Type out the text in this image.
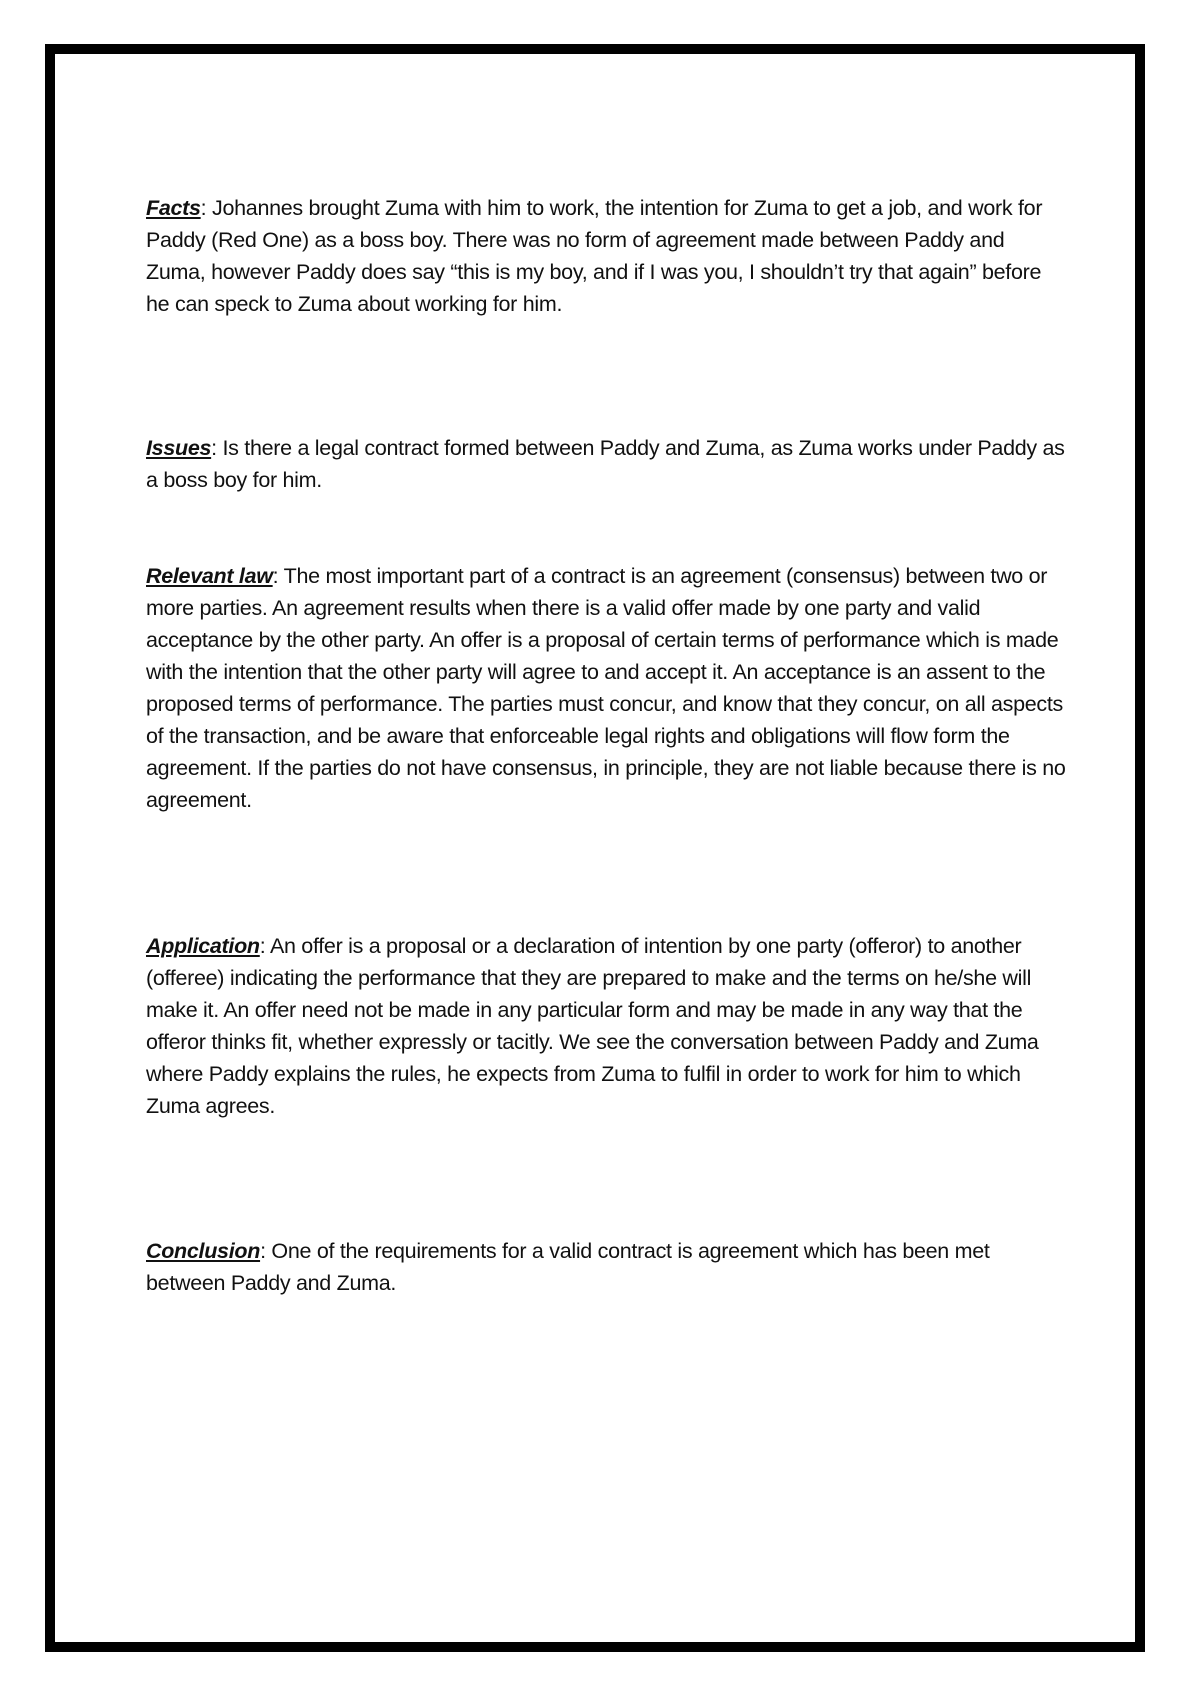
Facts: Johannes brought Zuma with him to work, the intention for Zuma to get a job, and work for Paddy (Red One) as a boss boy. There was no form of agreement made between Paddy and Zuma, however Paddy does say “this is my boy, and if I was you, I shouldn’t try that again” before he can speck to Zuma about working for him.
Issues: Is there a legal contract formed between Paddy and Zuma, as Zuma works under Paddy as a boss boy for him.
Relevant law: The most important part of a contract is an agreement (consensus) between two or more parties. An agreement results when there is a valid offer made by one party and valid acceptance by the other party. An offer is a proposal of certain terms of performance which is made with the intention that the other party will agree to and accept it. An acceptance is an assent to the proposed terms of performance. The parties must concur, and know that they concur, on all aspects of the transaction, and be aware that enforceable legal rights and obligations will flow form the agreement. If the parties do not have consensus, in principle, they are not liable because there is no agreement.
Application: An offer is a proposal or a declaration of intention by one party (offeror) to another (offeree) indicating the performance that they are prepared to make and the terms on he/she will make it. An offer need not be made in any particular form and may be made in any way that the offeror thinks fit, whether expressly or tacitly. We see the conversation between Paddy and Zuma where Paddy explains the rules, he expects from Zuma to fulfil in order to work for him to which Zuma agrees.
Conclusion: One of the requirements for a valid contract is agreement which has been met between Paddy and Zuma.
